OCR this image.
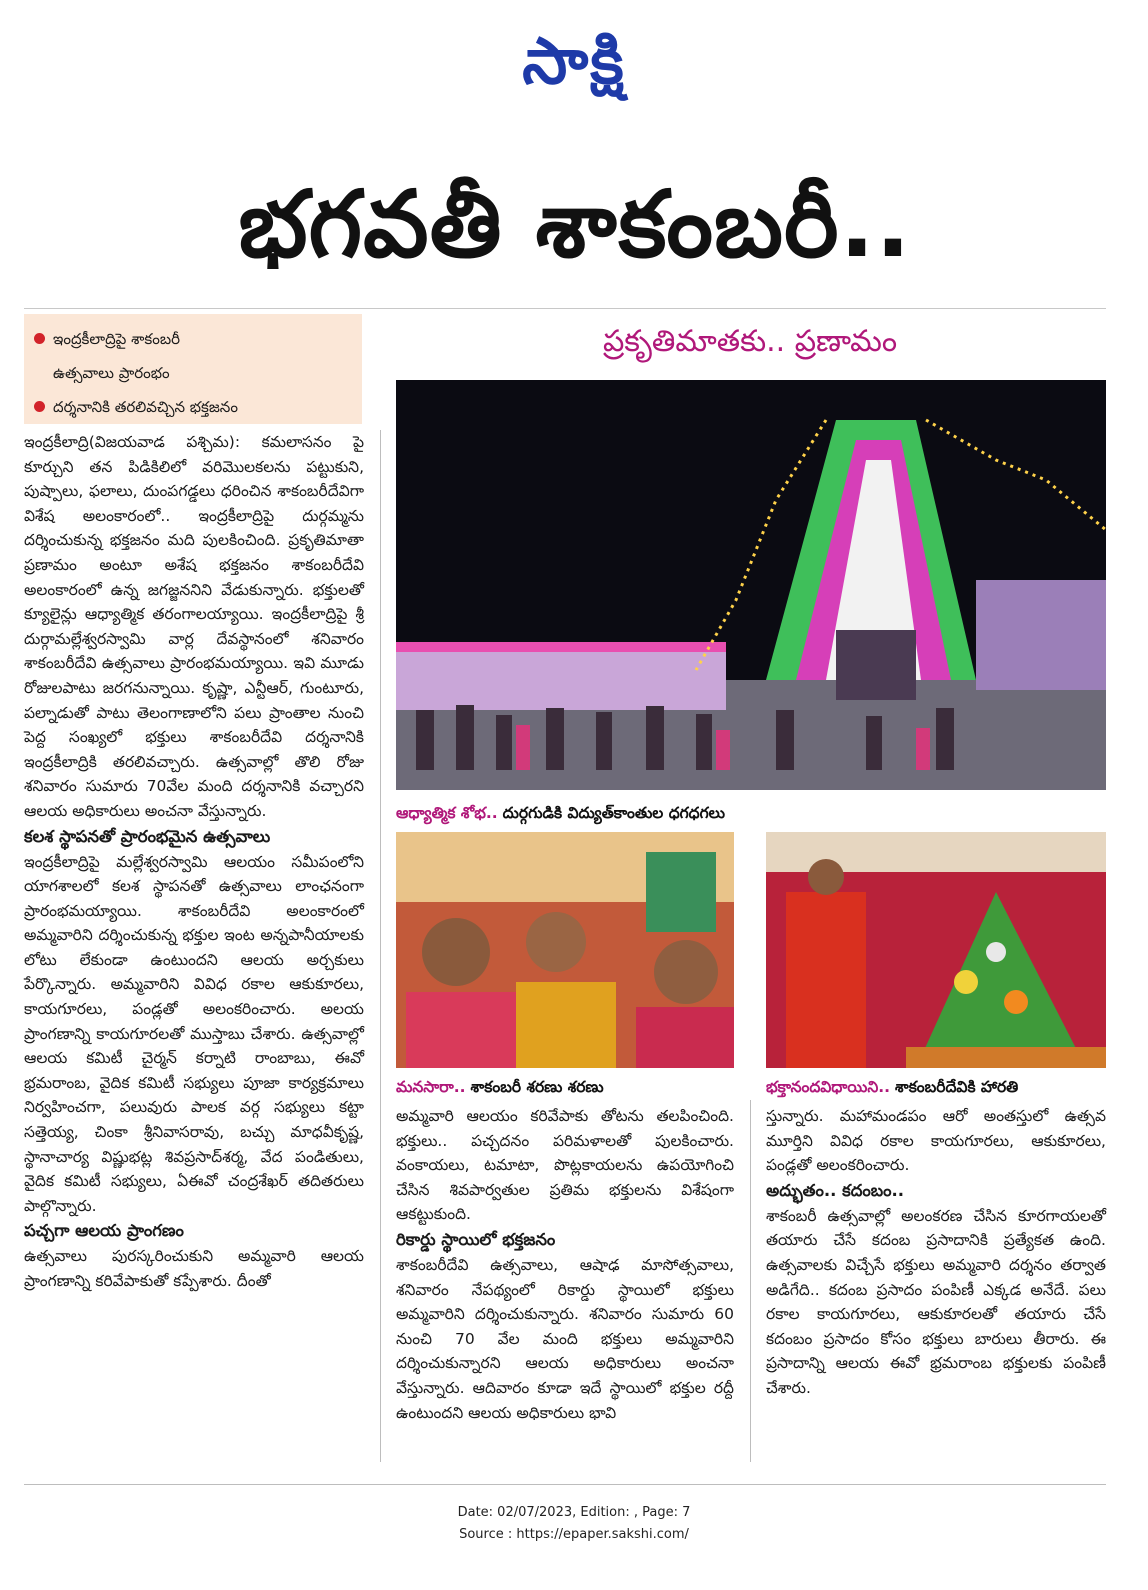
సాక్షి
భగవతీ శాకంబరీ..
ఇంద్రకీలాద్రిపై శాకంబరీ
ఉత్సవాలు ప్రారంభం
దర్శనానికి తరలివచ్చిన భక్తజనం
ప్రకృతిమాతకు.. ప్రణామం
ఆధ్యాత్మిక శోభ.. దుర్గగుడికి విద్యుత్‌కాంతుల ధగధగలు
మనసారా.. శాకంబరీ శరణు శరణు	భక్తానందవిధాయిని.. శాకంబరీదేవికి హారతి

ఇంద్రకీలాద్రి(విజయవాడ పశ్చిమ): కమలాసనం పై కూర్చుని తన పిడికిలిలో వరిమొలకలను పట్టుకుని, పుష్పాలు, ఫలాలు, దుంపగడ్డలు ధరించిన శాకంబరీదేవిగా విశేష అలంకారంలో.. ఇంద్రకీలాద్రిపై దుర్గమ్మను దర్శించుకున్న భక్తజనం మది పులకించింది. ప్రకృతిమాతా ప్రణామం అంటూ అశేష భక్తజనం శాకంబరీదేవి అలంకారంలో ఉన్న జగజ్జననిని వేడుకున్నారు. భక్తులతో క్యూలైన్లు ఆధ్యాత్మిక తరంగాలయ్యాయి. ఇంద్రకీలాద్రిపై శ్రీ దుర్గామల్లేశ్వరస్వామి వార్ల దేవస్థానంలో శనివారం శాకంబరీదేవి ఉత్సవాలు ప్రారంభమయ్యాయి. ఇవి మూడు రోజులపాటు జరగనున్నాయి. కృష్ణా, ఎన్టీఆర్, గుంటూరు, పల్నాడుతో పాటు తెలంగాణాలోని పలు ప్రాంతాల నుంచి పెద్ద సంఖ్యలో భక్తులు శాకంబరీదేవి దర్శనానికి ఇంద్రకీలాద్రికి తరలివచ్చారు. ఉత్సవాల్లో తొలి రోజు శనివారం సుమారు 70వేల మంది దర్శనానికి వచ్చారని ఆలయ అధికారులు అంచనా వేస్తున్నారు.

కలశ స్థాపనతో ప్రారంభమైన ఉత్సవాలు

ఇంద్రకీలాద్రిపై మల్లేశ్వరస్వామి ఆలయం సమీపంలోని యాగశాలలో కలశ స్థాపనతో ఉత్సవాలు లాంఛనంగా ప్రారంభమయ్యాయి. శాకంబరీదేవి అలంకారంలో అమ్మవారిని దర్శించుకున్న భక్తుల ఇంట అన్నపానీయాలకు లోటు లేకుండా ఉంటుందని ఆలయ అర్చకులు పేర్కొన్నారు. అమ్మవారిని వివిధ రకాల ఆకుకూరలు, కాయగూరలు, పండ్లతో అలంకరించారు. అలయ ప్రాంగణాన్ని కాయగూరలతో ముస్తాబు చేశారు. ఉత్సవాల్లో ఆలయ కమిటీ చైర్మన్ కర్నాటి రాంబాబు, ఈవో భ్రమరాంబ, వైదిక కమిటీ సభ్యులు పూజా కార్యక్రమాలు నిర్వహించగా, పలువురు పాలక వర్గ సభ్యులు కట్టా సత్తెయ్య, చింకా శ్రీనివాసరావు, బచ్చు మాధవీకృష్ణ, స్థానాచార్య విష్ణుభట్ల శివప్రసాద్‌శర్మ, వేద పండితులు, వైదిక కమిటీ సభ్యులు, ఏఈవో చంద్రశేఖర్ తదితరులు పాల్గొన్నారు.

పచ్చగా ఆలయ ప్రాంగణం

ఉత్సవాలు పురస్కరించుకుని అమ్మవారి ఆలయ ప్రాంగణాన్ని కరివేపాకుతో కప్పేశారు. దీంతో

అమ్మవారి ఆలయం కరివేపాకు తోటను తలపించింది. భక్తులు.. పచ్చదనం పరిమళాలతో పులకించారు. వంకాయలు, టమాటా, పొట్లకాయలను ఉపయోగించి చేసిన శివపార్వతుల ప్రతిమ భక్తులను విశేషంగా ఆకట్టుకుంది.

రికార్డు స్థాయిలో భక్తజనం

శాకంబరీదేవి ఉత్సవాలు, ఆషాఢ మాసోత్సవాలు, శనివారం నేపథ్యంలో రికార్డు స్థాయిలో భక్తులు అమ్మవారిని దర్శించుకున్నారు. శనివారం సుమారు 60 నుంచి 70 వేల మంది భక్తులు అమ్మవారిని దర్శించుకున్నారని ఆలయ అధికారులు అంచనా వేస్తున్నారు. ఆదివారం కూడా ఇదే స్థాయిలో భక్తుల రద్దీ ఉంటుందని ఆలయ అధికారులు భావి

స్తున్నారు. మహామండపం ఆరో అంతస్తులో ఉత్సవ మూర్తిని వివిధ రకాల కాయగూరలు, ఆకుకూరలు, పండ్లతో అలంకరించారు.

అద్భుతం.. కదంబం..

శాకంబరీ ఉత్సవాల్లో అలంకరణ చేసిన కూరగాయలతో తయారు చేసే కదంబ ప్రసాదానికి ప్రత్యేకత ఉంది. ఉత్సవాలకు విచ్చేసే భక్తులు అమ్మవారి దర్శనం తర్వాత అడిగేది.. కదంబ ప్రసాదం పంపిణీ ఎక్కడ అనేదే. పలు రకాల కాయగూరలు, ఆకుకూరలతో తయారు చేసే కదంబం ప్రసాదం కోసం భక్తులు బారులు తీరారు. ఈ ప్రసాదాన్ని ఆలయ ఈవో భ్రమరాంబ భక్తులకు పంపిణీ చేశారు.

Date: 02/07/2023, Edition: , Page: 7
Source : https://epaper.sakshi.com/
